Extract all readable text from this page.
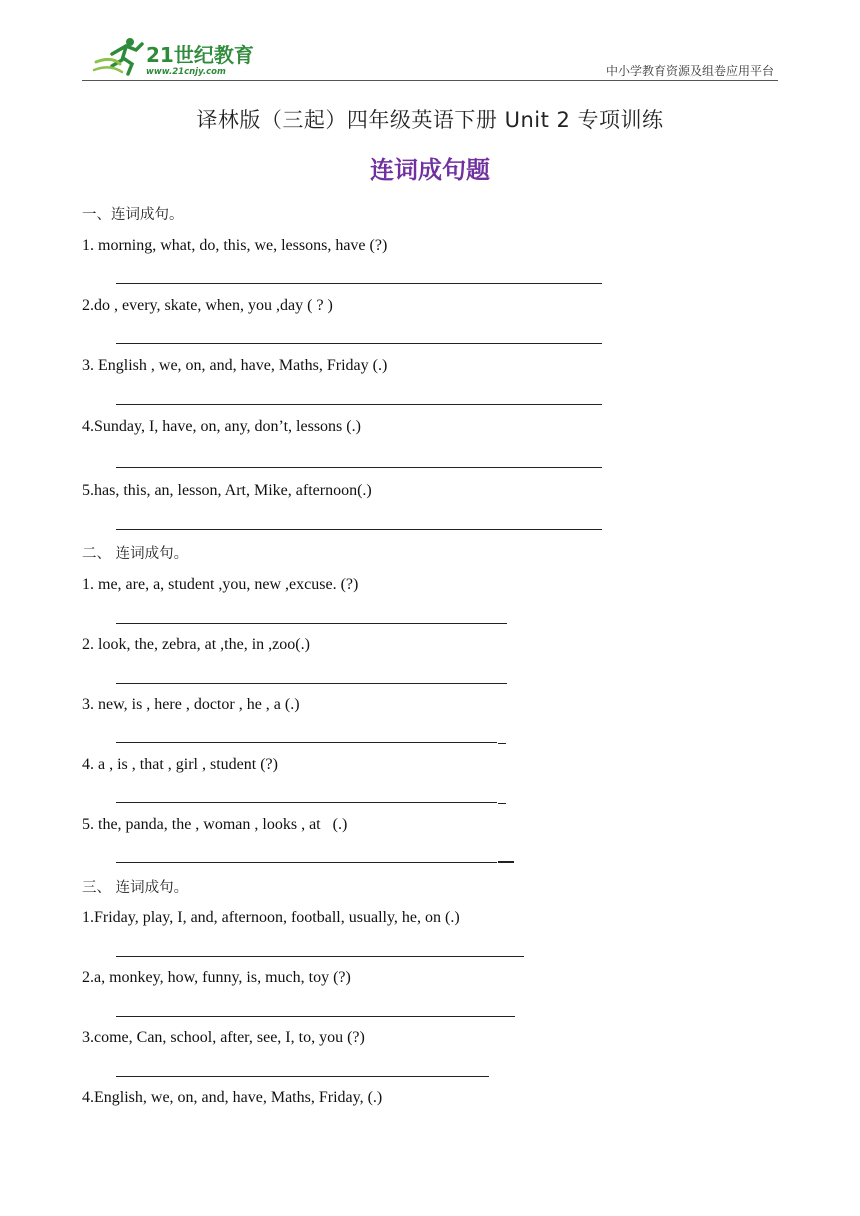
21世纪教育
www.21cnjy.com	中小学教育资源及组卷应用平台
译林版（三起）四年级英语下册 Unit 2 专项训练
连词成句题
一、连词成句。
1. morning, what, do, this, we, lessons, have (?)
2.do , every, skate, when, you ,day ( ? )
3. English , we, on, and, have, Maths, Friday (.)
4.Sunday, I, have, on, any, don’t, lessons (.)
5.has, this, an, lesson, Art, Mike, afternoon(.)
二、 连词成句。
1. me, are, a, student ,you, new ,excuse. (?)
2. look, the, zebra, at ,the, in ,zoo(.)
3. new, is , here , doctor , he , a (.)
4. a , is , that , girl , student (?)
5. the, panda, the , woman , looks , at   (.)
三、 连词成句。
1.Friday, play, I, and, afternoon, football, usually, he, on (.)
2.a, monkey, how, funny, is, much, toy (?)
3.come, Can, school, after, see, I, to, you (?)
4.English, we, on, and, have, Maths, Friday, (.)
